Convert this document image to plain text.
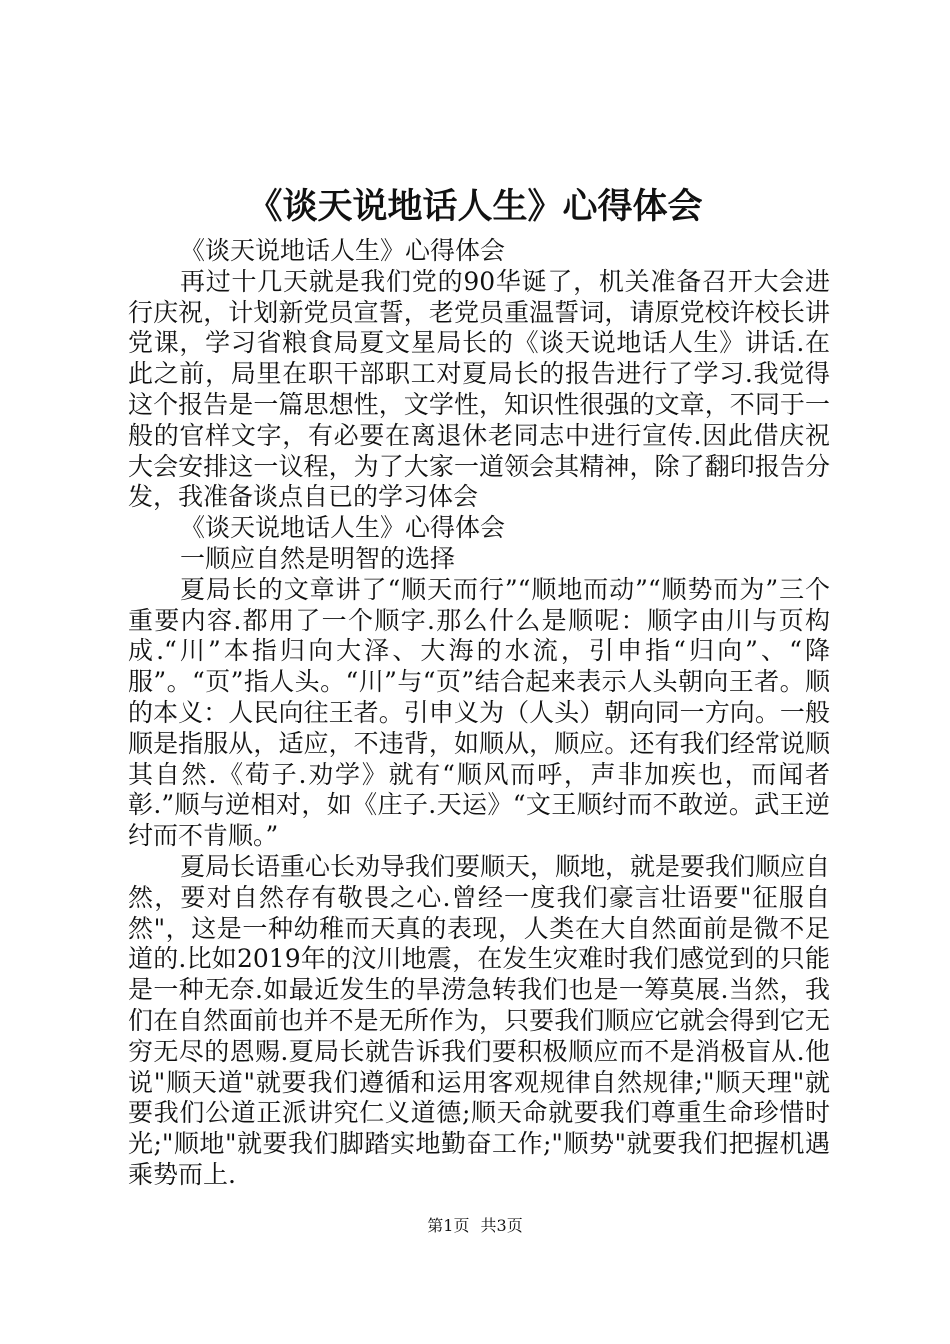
《谈天说地话人生》心得体会

《谈天说地话人生》心得体会

再过十几天就是我们党的90华诞了，机关准备召开大会进行庆祝，计划新党员宣誓，老党员重温誓词，请原党校许校长讲党课，学习省粮食局夏文星局长的《谈天说地话人生》讲话.在此之前，局里在职干部职工对夏局长的报告进行了学习.我觉得这个报告是一篇思想性，文学性，知识性很强的文章，不同于一般的官样文字，有必要在离退休老同志中进行宣传.因此借庆祝大会安排这一议程，为了大家一道领会其精神，除了翻印报告分发，我准备谈点自已的学习体会

《谈天说地话人生》心得体会

一顺应自然是明智的选择

夏局长的文章讲了“顺天而行”“顺地而动”“顺势而为”三个重要内容.都用了一个顺字.那么什么是顺呢：顺字由川与页构成.“川”本指归向大泽、大海的水流，引申指“归向”、“降服”。“页”指人头。“川”与“页”结合起来表示人头朝向王者。顺的本义：人民向往王者。引申义为（人头）朝向同一方向。一般顺是指服从，适应，不违背，如顺从，顺应。还有我们经常说顺其自然.《荀子.劝学》就有“顺风而呼，声非加疾也，而闻者彰.”顺与逆相对，如《庄子.天运》“文王顺纣而不敢逆。武王逆纣而不肯顺。”

夏局长语重心长劝导我们要顺天，顺地，就是要我们顺应自然，要对自然存有敬畏之心.曾经一度我们豪言壮语要"征服自然"，这是一种幼稚而天真的表现，人类在大自然面前是微不足道的.比如2019年的汶川地震，在发生灾难时我们感觉到的只能是一种无奈.如最近发生的旱涝急转我们也是一筹莫展.当然，我们在自然面前也并不是无所作为，只要我们顺应它就会得到它无穷无尽的恩赐.夏局长就告诉我们要积极顺应而不是消极盲从.他说"顺天道"就要我们遵循和运用客观规律自然规律;"顺天理"就要我们公道正派讲究仁义道德;顺天命就要我们尊重生命珍惜时光;"顺地"就要我们脚踏实地勤奋工作;"顺势"就要我们把握机遇乘势而上.

第1页 共3页
